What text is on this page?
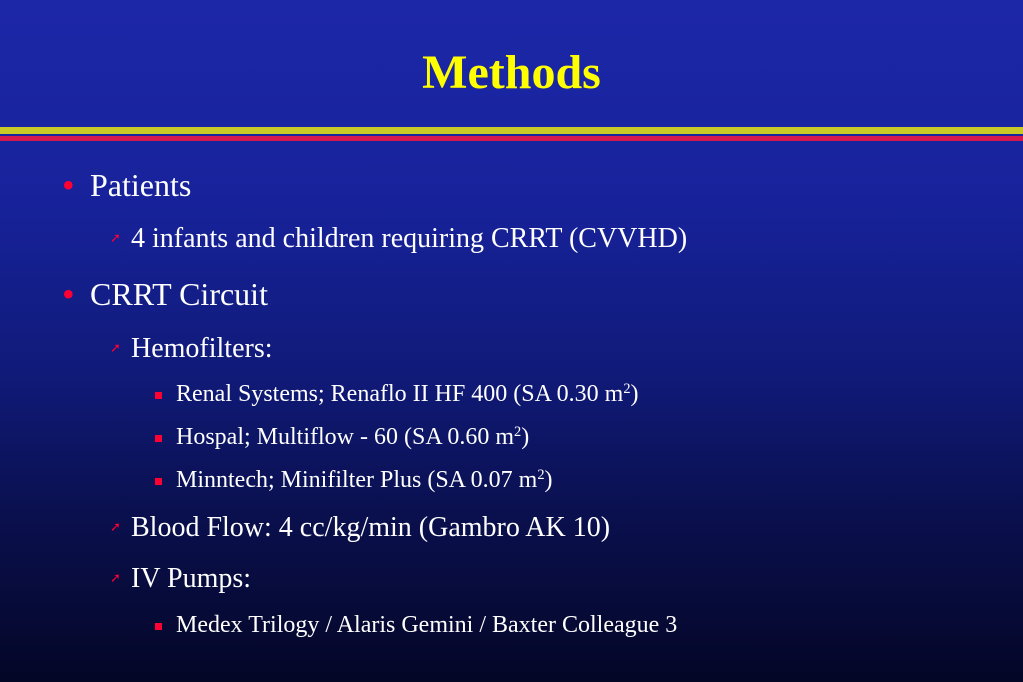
Methods
• Patients
➚ 4 infants and children requiring CRRT (CVVHD)
• CRRT Circuit
➚ Hemofilters:
Renal Systems; Renaflo II HF 400 (SA 0.30 $m^2$)
Hospal; Multiflow - 60 (SA 0.60 $m^2$)
Minntech; Minifilter Plus (SA 0.07 $m^2$)
➚ Blood Flow: 4 cc/kg/min (Gambro AK 10)
➚ IV Pumps:
Medex Trilogy / Alaris Gemini / Baxter Colleague 3
